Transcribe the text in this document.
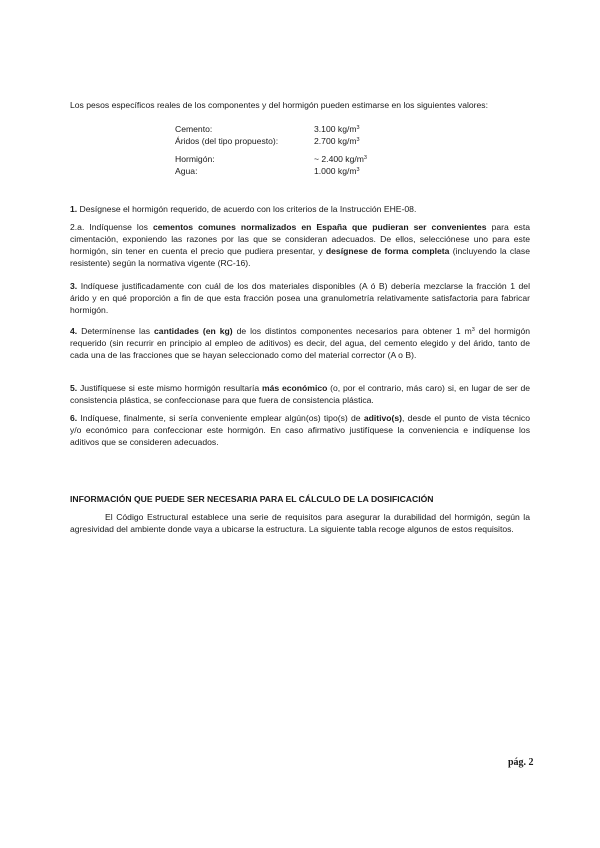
Los pesos específicos reales de los componentes y del hormigón pueden estimarse en los siguientes valores:
Cemento:	3.100 $kg/m^3$
Áridos (del tipo propuesto):	2.700 $kg/m^3$
Hormigón:	~ 2.400 $kg/m^3$
Agua:	1.000 $kg/m^3$
1. Desígnese el hormigón requerido, de acuerdo con los criterios de la Instrucción EHE-08.
2.a. Indíquense los cementos comunes normalizados en España que pudieran ser convenientes para esta cimentación, exponiendo las razones por las que se consideran adecuados. De ellos, selecciónese uno para este hormigón, sin tener en cuenta el precio que pudiera presentar, y desígnese de forma completa (incluyendo la clase resistente) según la normativa vigente (RC-16).
3. Indíquese justificadamente con cuál de los dos materiales disponibles (A ó B) debería mezclarse la fracción 1 del árido y en qué proporción a fin de que esta fracción posea una granulometría relativamente satisfactoria para fabricar hormigón.
4. Determínense las cantidades (en kg) de los distintos componentes necesarios para obtener 1 $m^3$ del hormigón requerido (sin recurrir en principio al empleo de aditivos) es decir, del agua, del cemento elegido y del árido, tanto de cada una de las fracciones que se hayan seleccionado como del material corrector (A o B).
5. Justifíquese si este mismo hormigón resultaría más económico (o, por el contrario, más caro) si, en lugar de ser de consistencia plástica, se confeccionase para que fuera de consistencia plástica.
6. Indíquese, finalmente, si sería conveniente emplear algún(os) tipo(s) de aditivo(s), desde el punto de vista técnico y/o económico para confeccionar este hormigón. En caso afirmativo justifíquese la conveniencia e indíquense los aditivos que se consideren adecuados.
INFORMACIÓN QUE PUEDE SER NECESARIA PARA EL CÁLCULO DE LA DOSIFICACIÓN
El Código Estructural establece una serie de requisitos para asegurar la durabilidad del hormigón, según la agresividad del ambiente donde vaya a ubicarse la estructura. La siguiente tabla recoge algunos de estos requisitos.
pág. 2
